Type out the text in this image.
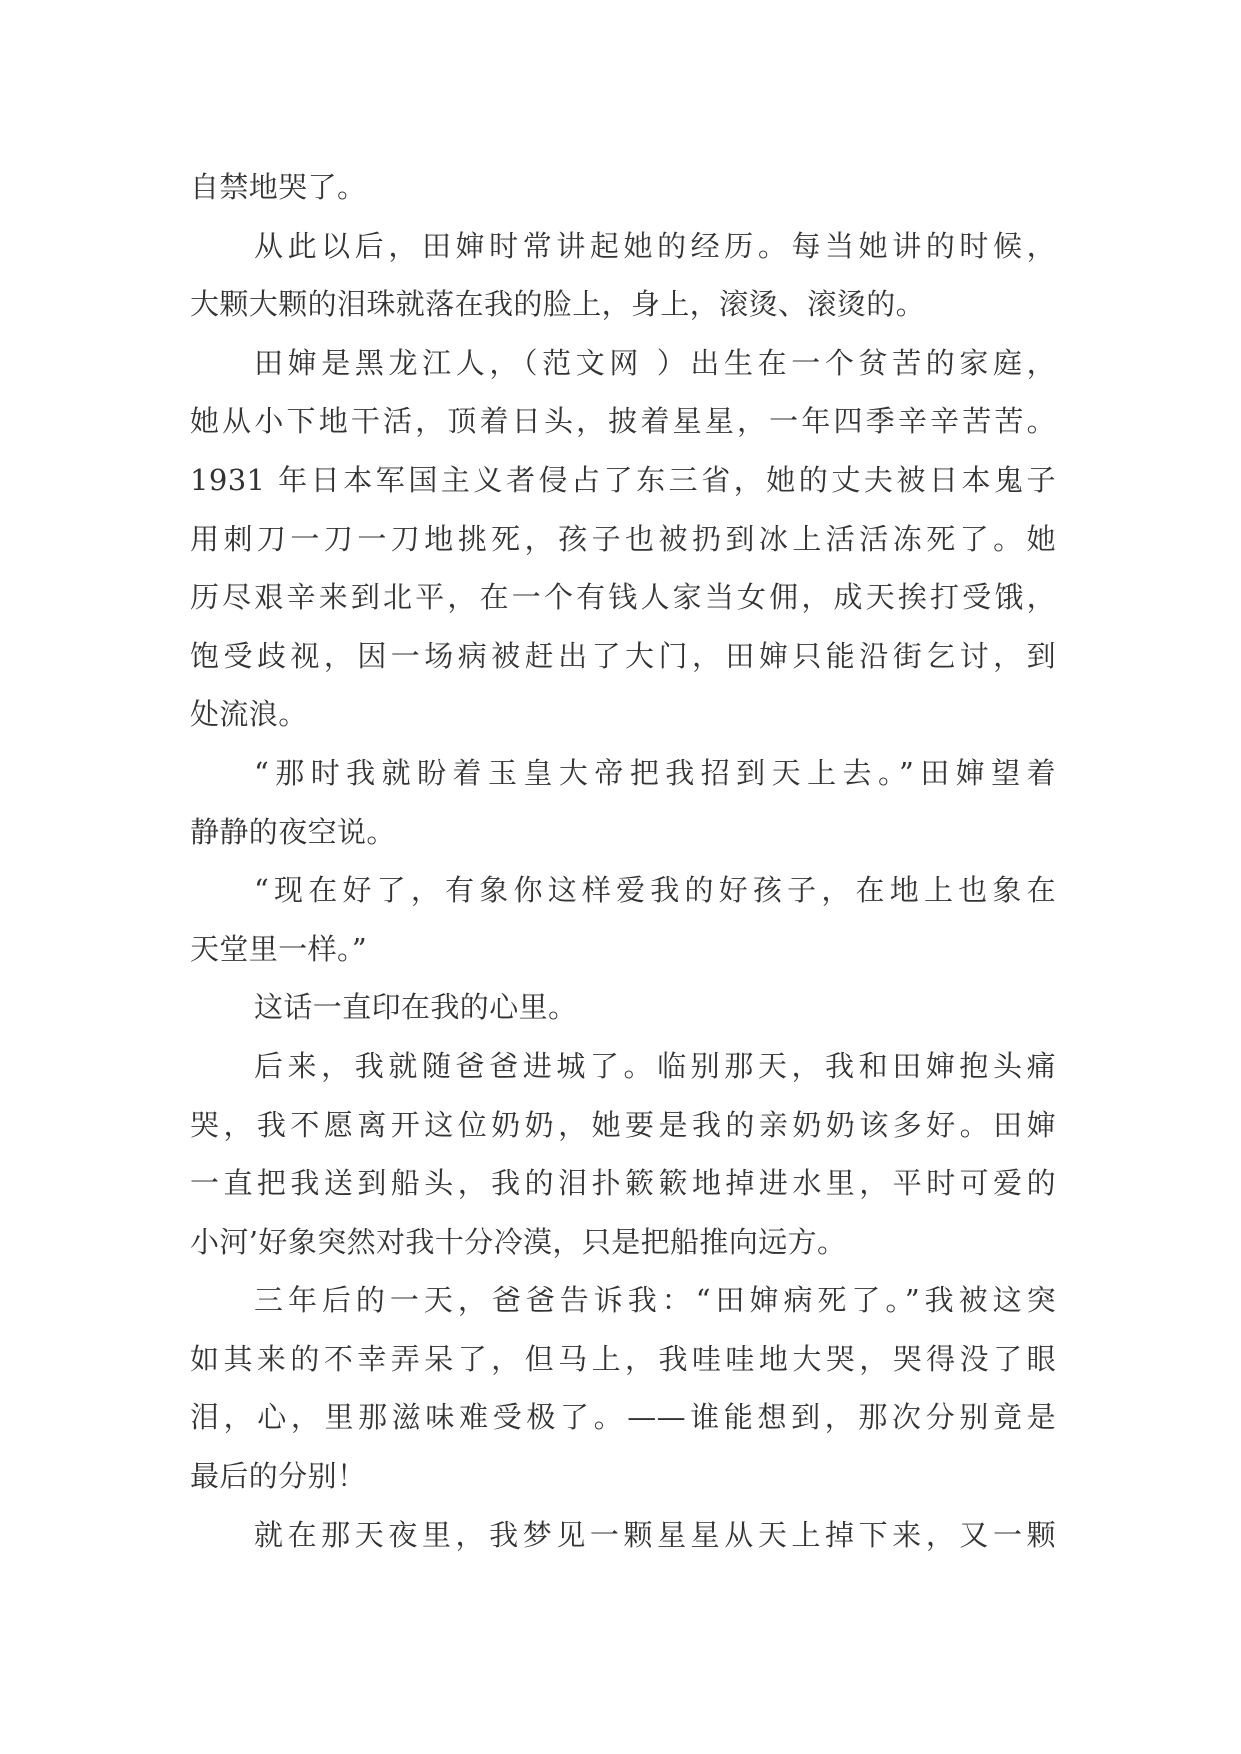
自禁地哭了。
从此以后，田婶时常讲起她的经历。每当她讲的时候，
大颗大颗的泪珠就落在我的脸上，身上，滚烫、滚烫的。
田婶是黑龙江人，（范文网 ）出生在一个贫苦的家庭，
她从小下地干活，顶着日头，披着星星，一年四季辛辛苦苦。
1931 年日本军国主义者侵占了东三省，她的丈夫被日本鬼子
用刺刀一刀一刀地挑死，孩子也被扔到冰上活活冻死了。她
历尽艰辛来到北平，在一个有钱人家当女佣，成天挨打受饿，
饱受歧视，因一场病被赶出了大门，田婶只能沿街乞讨，到
处流浪。
“那时我就盼着玉皇大帝把我招到天上去。”田婶望着
静静的夜空说。
“现在好了，有象你这样爱我的好孩子，在地上也象在
天堂里一样。”
这话一直印在我的心里。
后来，我就随爸爸进城了。临别那天，我和田婶抱头痛
哭，我不愿离开这位奶奶，她要是我的亲奶奶该多好。田婶
一直把我送到船头，我的泪扑簌簌地掉进水里，平时可爱的
小河’好象突然对我十分冷漠，只是把船推向远方。
三年后的一天，爸爸告诉我：“田婶病死了。”我被这突
如其来的不幸弄呆了，但马上，我哇哇地大哭，哭得没了眼
泪，心，里那滋味难受极了。——谁能想到，那次分别竟是
最后的分别！
就在那天夜里，我梦见一颗星星从天上掉下来，又一颗
